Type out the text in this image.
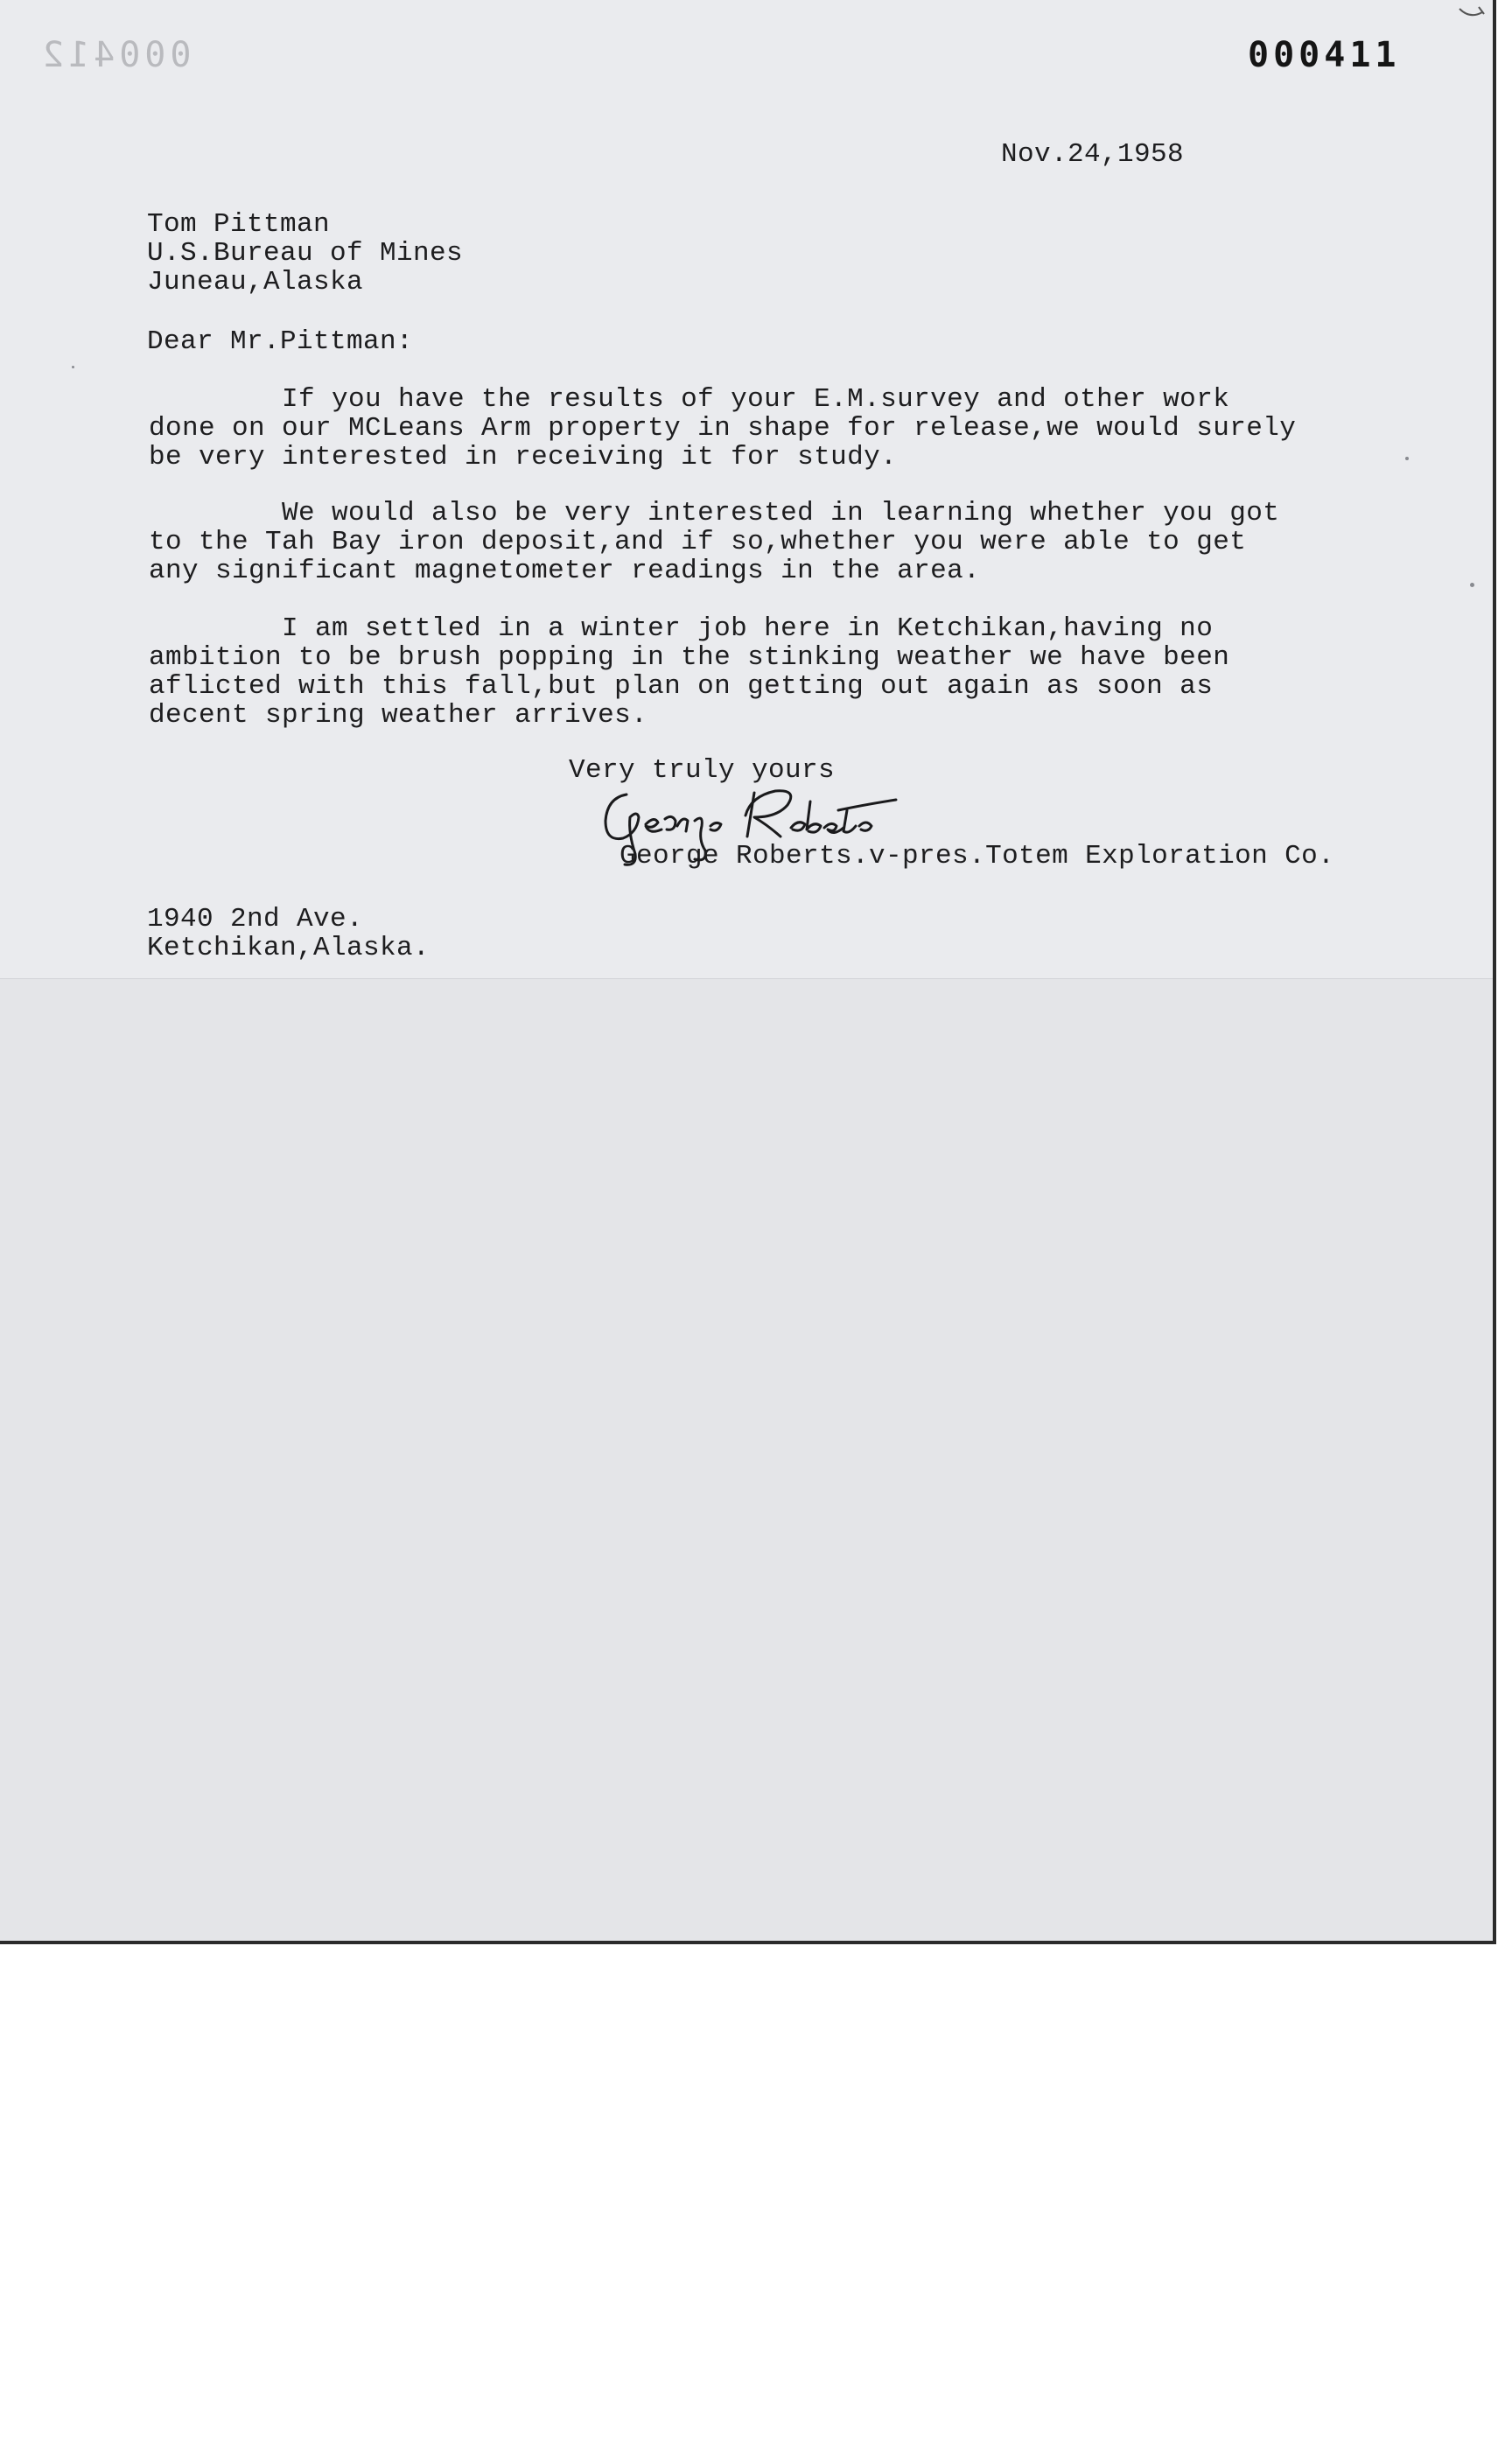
000412	000411

Nov.24,1958

Tom Pittman

U.S.Bureau of Mines

Juneau,Alaska

Dear Mr.Pittman:

If you have the results of your E.M.survey and other work

done on our MCLeans Arm property in shape for release,we would surely

be very interested in receiving it for study.

We would also be very interested in learning whether you got

to the Tah Bay iron deposit,and if so,whether you were able to get

any significant magnetometer readings in the area.

I am settled in a winter job here in Ketchikan,having no

ambition to be brush popping in the stinking weather we have been

aflicted with this fall,but plan on getting out again as soon as

decent spring weather arrives.

Very truly yours

George Roberts.v-pres.Totem Exploration Co.

1940 2nd Ave.

Ketchikan,Alaska.
